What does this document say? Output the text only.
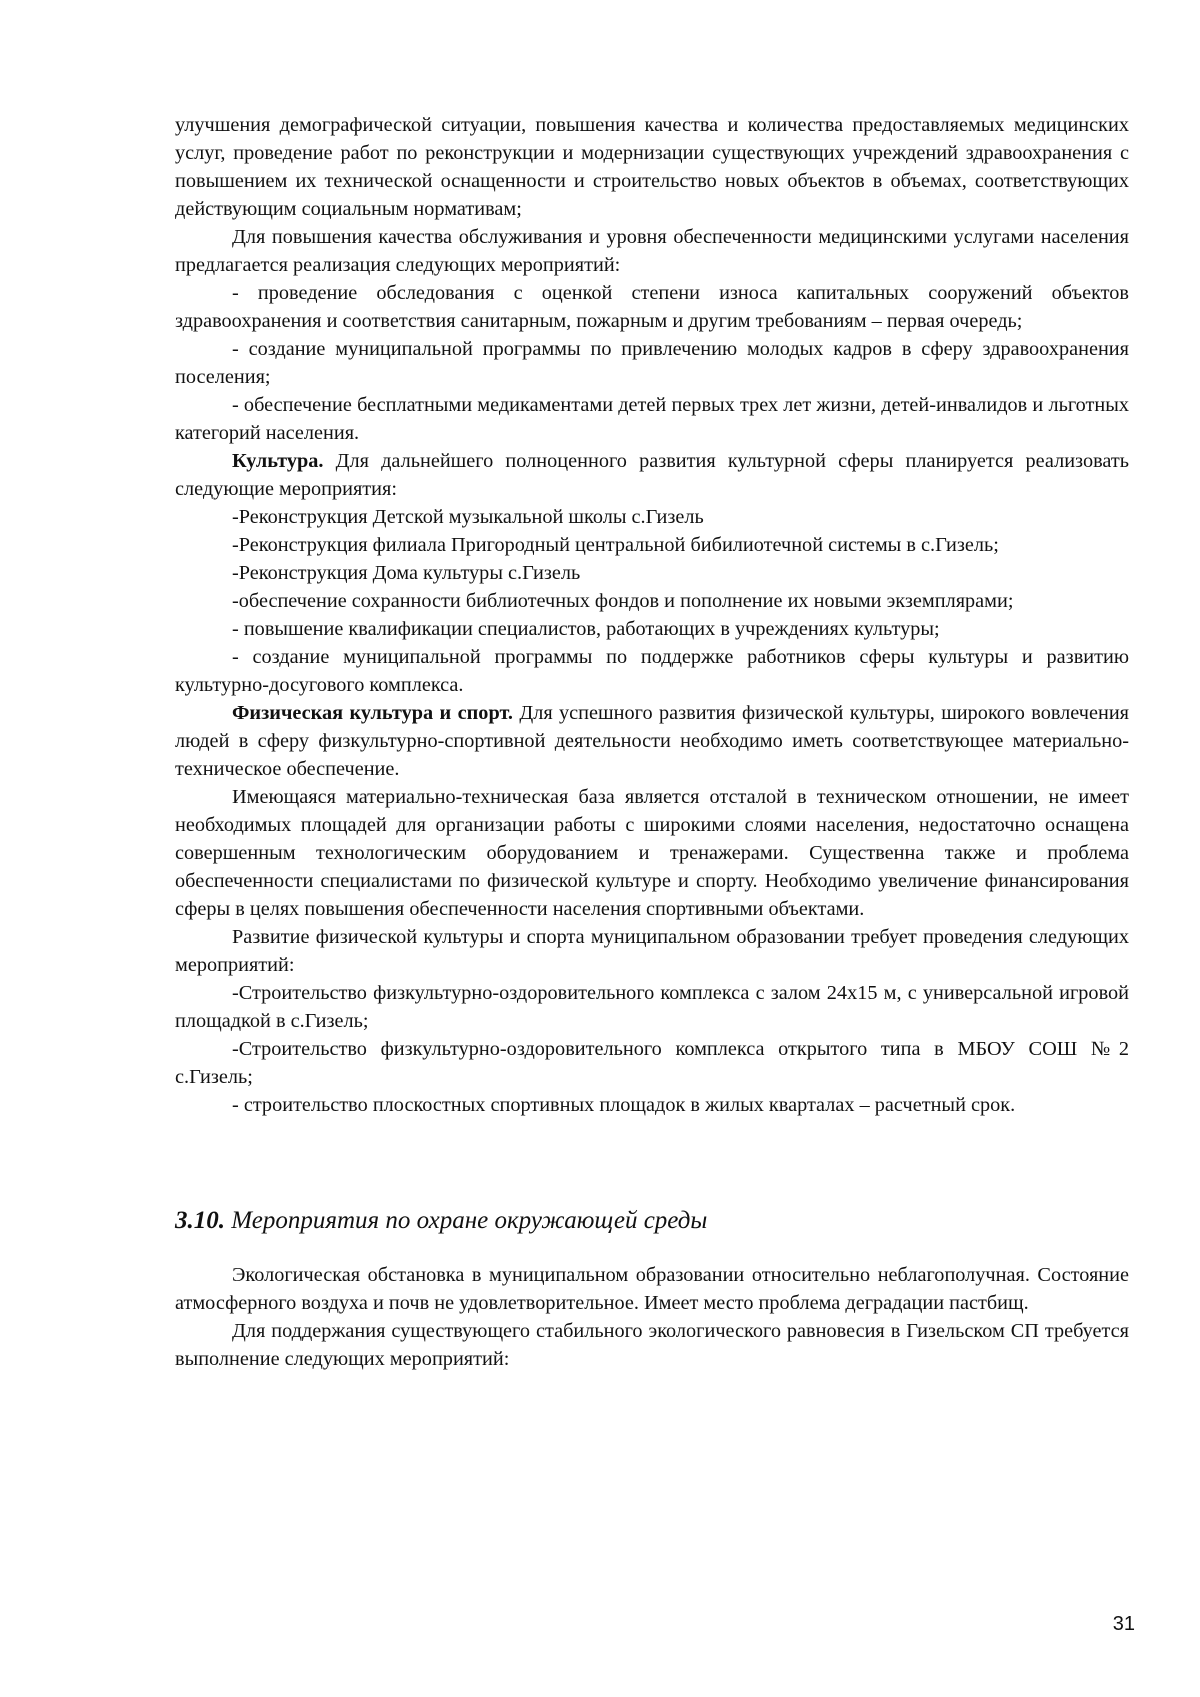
улучшения демографической ситуации, повышения качества и количества предоставляемых медицинских услуг, проведение работ по реконструкции и модернизации существующих учреждений здравоохранения с повышением их технической оснащенности и строительство новых объектов в объемах, соответствующих действующим социальным нормативам;

Для повышения качества обслуживания и уровня обеспеченности медицинскими услугами населения предлагается реализация следующих мероприятий:

- проведение обследования с оценкой степени износа капитальных сооружений объектов здравоохранения и соответствия санитарным, пожарным и другим требованиям – первая очередь;

- создание муниципальной программы по привлечению молодых кадров в сферу здравоохранения поселения;

- обеспечение бесплатными медикаментами детей первых трех лет жизни, детей-инвалидов и льготных категорий населения.

Культура. Для дальнейшего полноценного развития культурной сферы планируется реализовать следующие мероприятия:

-Реконструкция Детской музыкальной школы с.Гизель

-Реконструкция филиала Пригородный центральной бибилиотечной системы в с.Гизель;

-Реконструкция Дома культуры с.Гизель

-обеспечение сохранности библиотечных фондов и пополнение их новыми экземплярами;

- повышение квалификации специалистов, работающих в учреждениях культуры;

- создание муниципальной программы по поддержке работников сферы культуры и развитию культурно-досугового комплекса.

Физическая культура и спорт. Для успешного развития физической культуры, широкого вовлечения людей в сферу физкультурно-спортивной деятельности необходимо иметь соответствующее материально-техническое обеспечение.

Имеющаяся материально-техническая база является отсталой в техническом отношении, не имеет необходимых площадей для организации работы с широкими слоями населения, недостаточно оснащена совершенным технологическим оборудованием и тренажерами. Существенна также и проблема обеспеченности специалистами по физической культуре и спорту. Необходимо увеличение финансирования сферы в целях повышения обеспеченности населения спортивными объектами.

Развитие физической культуры и спорта муниципальном образовании требует проведения следующих мероприятий:

-Строительство физкультурно-оздоровительного комплекса с залом 24х15 м, с универсальной игровой площадкой в с.Гизель;

-Строительство физкультурно-оздоровительного комплекса открытого типа в МБОУ СОШ №2 с.Гизель;

- строительство плоскостных спортивных площадок в жилых кварталах – расчетный срок.

3.10. Мероприятия по охране окружающей среды

Экологическая обстановка в муниципальном образовании относительно неблагополучная. Состояние атмосферного воздуха и почв не удовлетворительное. Имеет место проблема деградации пастбищ.

Для поддержания существующего стабильного экологического равновесия в Гизельском СП требуется выполнение следующих мероприятий:

31
